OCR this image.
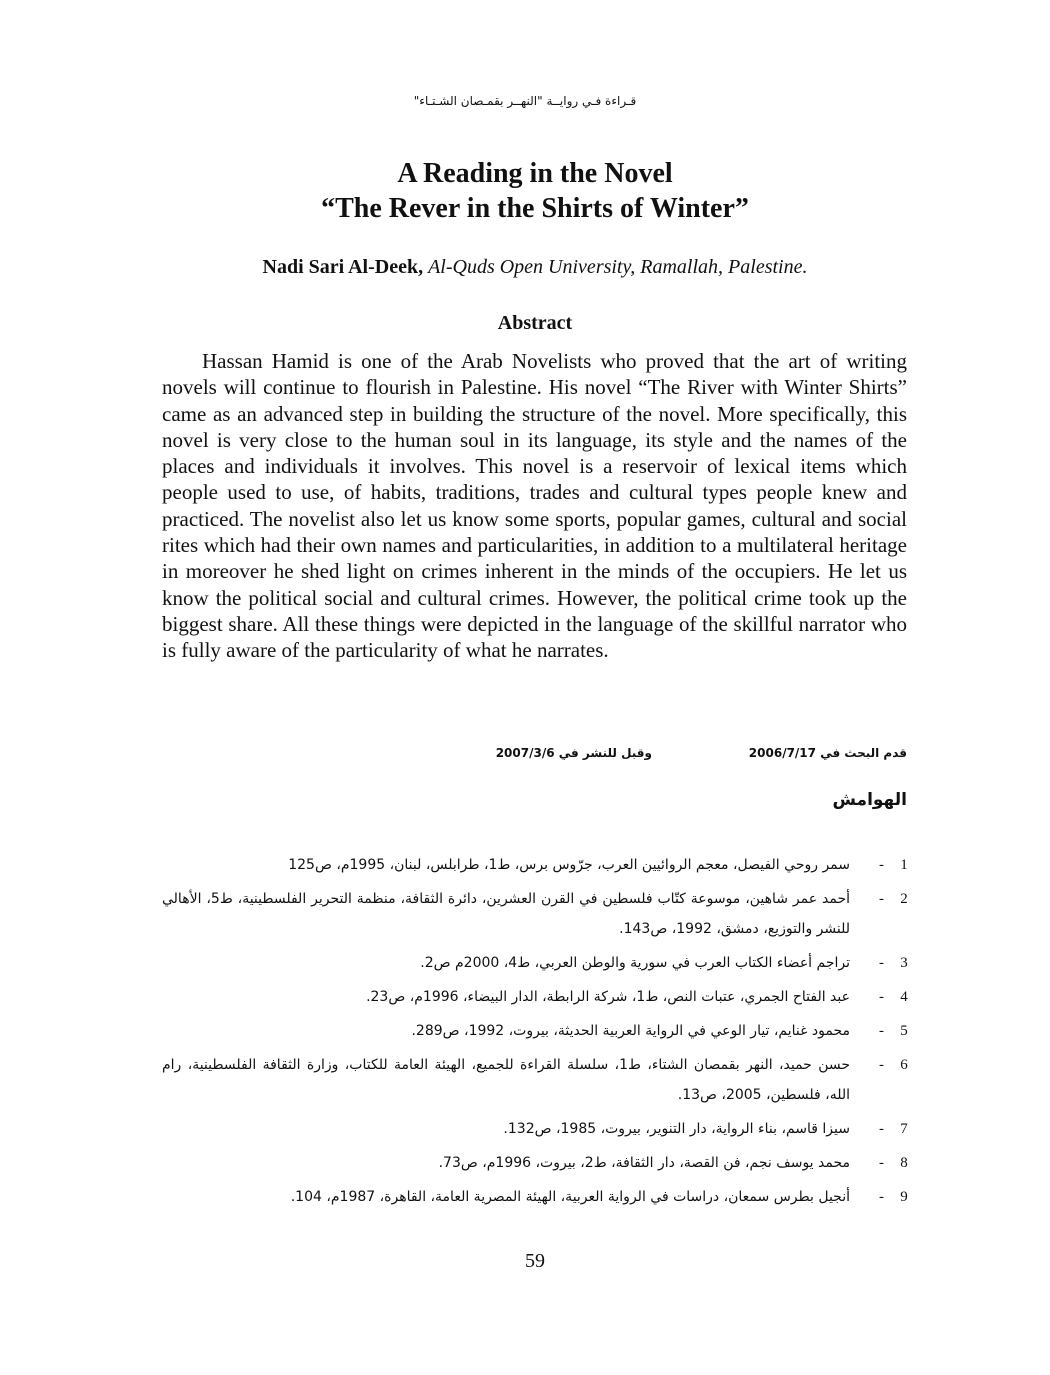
قـراءة فـي روايــة "النهــر بقمـصان الشـتـاء"
A Reading in the Novel
“The Rever in the Shirts of Winter”
Nadi Sari Al-Deek, Al-Quds Open University, Ramallah, Palestine.
Abstract

Hassan Hamid is one of the Arab Novelists who proved that the art of writing novels will continue to flourish in Palestine. His novel “The River with Winter Shirts” came as an advanced step in building the structure of the novel. More specifically, this novel is very close to the human soul in its language, its style and the names of the places and individuals it involves. This novel is a reservoir of lexical items which people used to use, of habits, traditions, trades and cultural types people knew and practiced. The novelist also let us know some sports, popular games, cultural and social rites which had their own names and particularities, in addition to a multilateral heritage in moreover he shed light on crimes inherent in the minds of the occupiers. He let us know the political social and cultural crimes. However, the political crime took up the biggest share. All these things were depicted in the language of the skillful narrator who is fully aware of the particularity of what he narrates.

قدم البحث في 2006/7/17
وقبل للنشر في 2007/3/6
الهوامش
1
-
سمر روحي الفيصل، معجم الروائيين العرب، جرّوس برس، ط1، طرابلس، لبنان، 1995م، ص125
2
-
أحمد عمر شاهين، موسوعة كتّاب فلسطين في القرن العشرين، دائرة الثقافة، منظمة التحرير الفلسطينية، ط5، الأهالي للنشر والتوزيع، دمشق، 1992، ص143.
3
-
تراجم أعضاء الكتاب العرب في سورية والوطن العربي، ط4، 2000م ص2.
4
-
عبد الفتاح الجمري، عتبات النص، ط1، شركة الرابطة، الدار البيضاء، 1996م، ص23.
5
-
محمود غنايم، تيار الوعي في الرواية العربية الحديثة، بيروت، 1992، ص289.
6
-
حسن حميد، النهر بقمصان الشتاء، ط1، سلسلة القراءة للجميع، الهيئة العامة للكتاب، وزارة الثقافة الفلسطينية، رام الله، فلسطين، 2005، ص13.
7
-
سيزا قاسم، بناء الرواية، دار التنوير، بيروت، 1985، ص132.
8
-
محمد يوسف نجم، فن القصة، دار الثقافة، ط2، بيروت، 1996م، ص73.
9
-
أنجيل بطرس سمعان، دراسات في الرواية العربية، الهيئة المصرية العامة، القاهرة، 1987م، 104.
59
